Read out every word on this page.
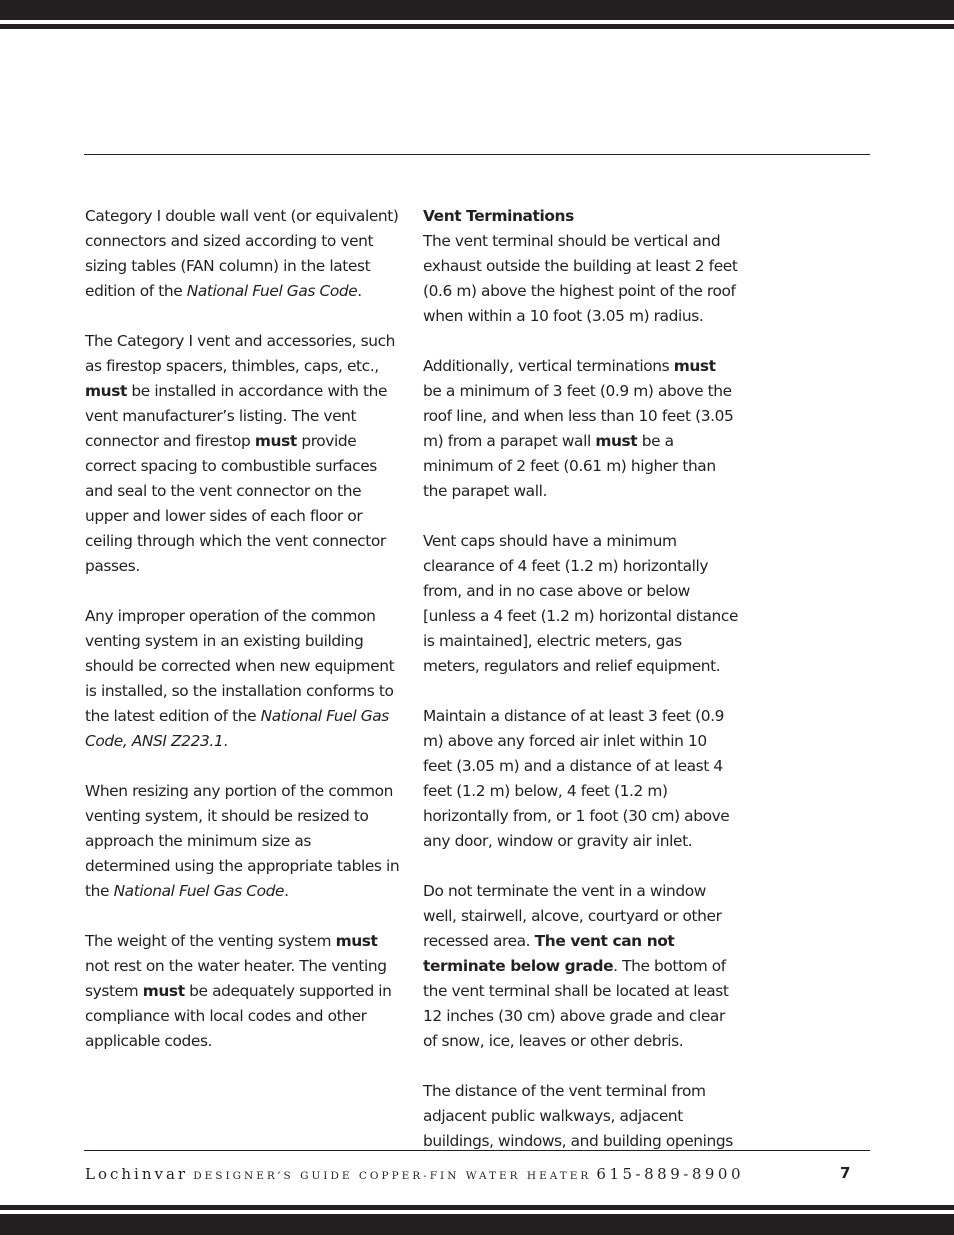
Category I double wall vent (or equivalent) connectors and sized according to vent sizing tables (FAN column) in the latest edition of the National Fuel Gas Code.

The Category I vent and accessories, such as firestop spacers, thimbles, caps, etc., must be installed in accordance with the vent manufacturer’s listing. The vent connector and firestop must provide correct spacing to combustible surfaces and seal to the vent connector on the upper and lower sides of each floor or ceiling through which the vent connector passes.

Any improper operation of the common venting system in an existing building should be corrected when new equipment is installed, so the installation conforms to the latest edition of the National Fuel Gas Code, ANSI Z223.1.

When resizing any portion of the common venting system, it should be resized to approach the minimum size as determined using the appropriate tables in the National Fuel Gas Code.

The weight of the venting system must not rest on the water heater. The venting system must be adequately supported in compliance with local codes and other applicable codes.

Vent Terminations
The vent terminal should be vertical and exhaust outside the building at least 2 feet (0.6 m) above the highest point of the roof when within a 10 foot (3.05 m) radius.

Additionally, vertical terminations must be a minimum of 3 feet (0.9 m) above the roof line, and when less than 10 feet (3.05 m) from a parapet wall must be a minimum of 2 feet (0.61 m) higher than the parapet wall.

Vent caps should have a minimum clearance of 4 feet (1.2 m) horizontally from, and in no case above or below [unless a 4 feet (1.2 m) horizontal distance is maintained], electric meters, gas meters, regulators and relief equipment.

Maintain a distance of at least 3 feet (0.9 m) above any forced air inlet within 10 feet (3.05 m) and a distance of at least 4 feet (1.2 m) below, 4 feet (1.2 m) horizontally from, or 1 foot (30 cm) above any door, window or gravity air inlet.

Do not terminate the vent in a window well, stairwell, alcove, courtyard or other recessed area. The vent can not terminate below grade. The bottom of the vent terminal shall be located at least 12 inches (30 cm) above grade and clear of snow, ice, leaves or other debris.

The distance of the vent terminal from adjacent public walkways, adjacent buildings, windows, and building openings

Lochinvar DESIGNER’S GUIDE COPPER-FIN WATER HEATER 615-889-8900	7
